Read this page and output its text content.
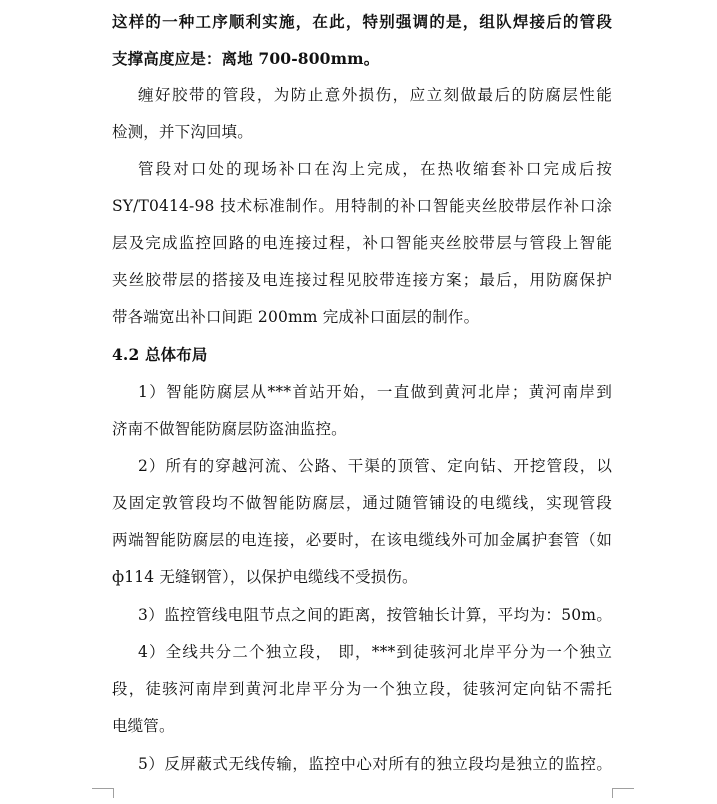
这样的一种工序顺利实施，在此，特别强调的是，组队焊接后的管段
支撑高度应是：离地 700-800mm。
缠好胶带的管段，为防止意外损伤，应立刻做最后的防腐层性能
检测，并下沟回填。
管段对口处的现场补口在沟上完成，在热收缩套补口完成后按
SY/T0414-98 技术标准制作。用特制的补口智能夹丝胶带层作补口涂
层及完成监控回路的电连接过程，补口智能夹丝胶带层与管段上智能
夹丝胶带层的搭接及电连接过程见胶带连接方案；最后，用防腐保护
带各端宽出补口间距 200mm 完成补口面层的制作。
4.2 总体布局
1）智能防腐层从***首站开始，一直做到黄河北岸；黄河南岸到
济南不做智能防腐层防盗油监控。
2）所有的穿越河流、公路、干渠的顶管、定向钻、开挖管段，以
及固定敦管段均不做智能防腐层，通过随管铺设的电缆线，实现管段
两端智能防腐层的电连接，必要时，在该电缆线外可加金属护套管（如
ф114 无缝钢管），以保护电缆线不受损伤。
3）监控管线电阻节点之间的距离，按管轴长计算，平均为：50m。
4）全线共分二个独立段， 即，***到徒骇河北岸平分为一个独立
段，徒骇河南岸到黄河北岸平分为一个独立段，徒骇河定向钻不需托
电缆管。
5）反屏蔽式无线传输，监控中心对所有的独立段均是独立的监控。
